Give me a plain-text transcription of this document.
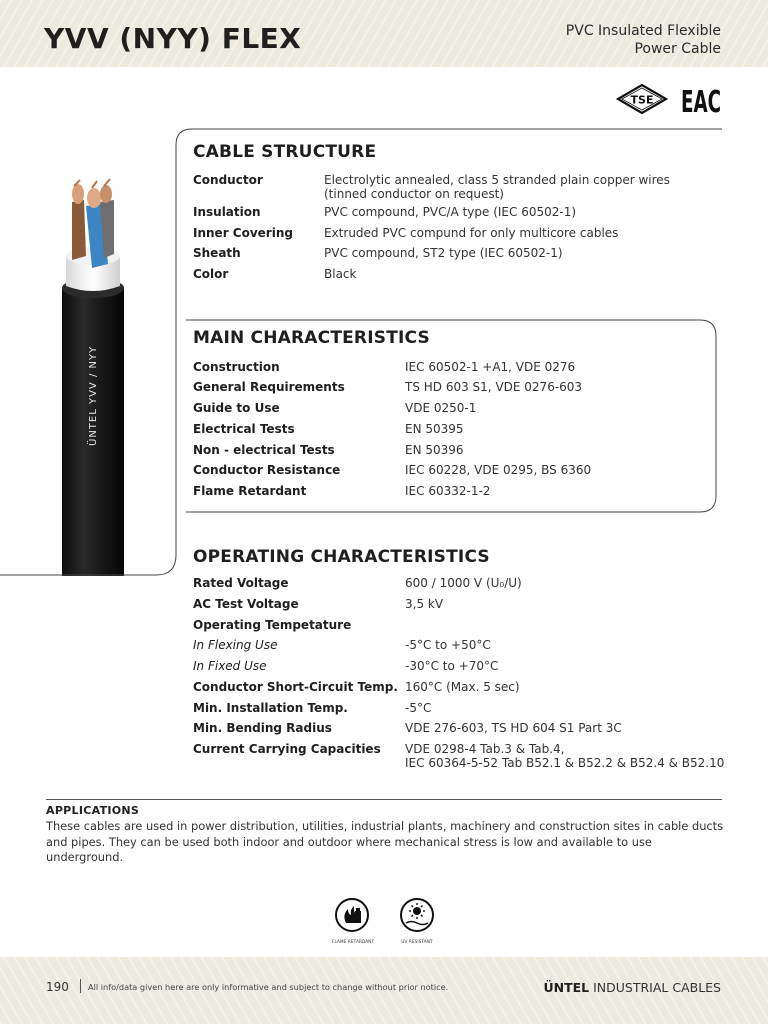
YVV (NYY) FLEX	PVC Insulated Flexible
Power Cable
TSE EAC
ÜNTEL YVV / NYY
CABLE STRUCTURE
Conductor	Electrolytic annealed, class 5 stranded plain copper wires
(tinned conductor on request)
Insulation	PVC compound, PVC/A type (IEC 60502-1)
Inner Covering	Extruded PVC compund for only multicore cables
Sheath	PVC compound, ST2 type (IEC 60502-1)
Color	Black
MAIN CHARACTERISTICS
Construction	IEC 60502-1 +A1, VDE 0276
General Requirements	TS HD 603 S1, VDE 0276-603
Guide to Use	VDE 0250-1
Electrical Tests	EN 50395
Non - electrical Tests	EN 50396
Conductor Resistance	IEC 60228, VDE 0295, BS 6360
Flame Retardant	IEC 60332-1-2
OPERATING CHARACTERISTICS
Rated Voltage	600 / 1000 V (U₀/U)
AC Test Voltage	3,5 kV
Operating Tempetature
In Flexing Use	-5°C to +50°C
In Fixed Use	-30°C to +70°C
Conductor Short-Circuit Temp. 160°C (Max. 5 sec)
Min. Installation Temp.	-5°C
Min. Bending Radius	VDE 276-603, TS HD 604 S1 Part 3C
Current Carrying Capacities VDE 0298-4 Tab.3 & Tab.4,
IEC 60364-5-52 Tab B52.1 & B52.2 & B52.4 & B52.10
APPLICATIONS
These cables are used in power distribution, utilities, industrial plants, machinery and construction sites in cable ducts and pipes. They can be used both indoor and outdoor where mechanical stress is low and available to use underground.
FLAME RETARDANT	UV RESISTANT
190 All info/data given here are only informative and subject to change without prior notice.	ÜNTEL INDUSTRIAL CABLES
